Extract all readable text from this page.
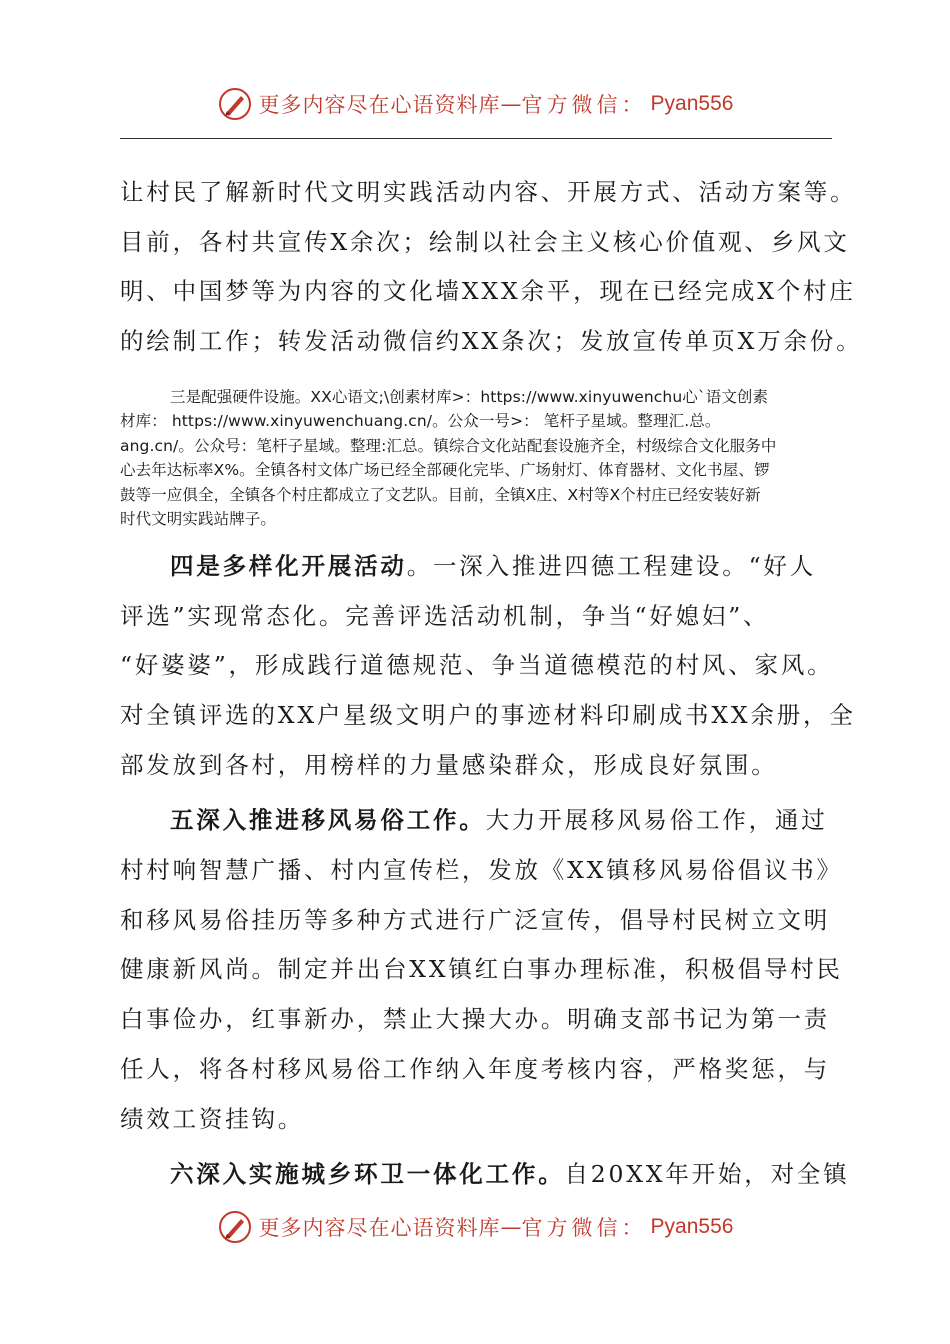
更多内容尽在心语资料库 — 官方微信： Pyan556

让村民了解新时代文明实践活动内容、开展方式、活动方案等。
目前，各村共宣传X余次；绘制以社会主义核心价值观、乡风文
明、中国梦等为内容的文化墙XXX余平，现在已经完成X个村庄
的绘制工作；转发活动微信约XX条次；发放宣传单页X万余份。

三是配强硬件设施。XX心语文;\创素材库>：https://www.xinyuwenchu心`语文创素
材库： https://www.xinyuwenchuang.cn/。公众一号>： 笔杆子星域。整理汇.总。
ang.cn/。公众号：笔杆子星域。整理:汇总。镇综合文化站配套设施齐全，村级综合文化服务中
心去年达标率X%。全镇各村文体广场已经全部硬化完毕、广场射灯、体育器材、文化书屋、锣
鼓等一应俱全，全镇各个村庄都成立了文艺队。目前，全镇X庄、X村等X个村庄已经安装好新
时代文明实践站牌子。

四是多样化开展活动。一深入推进四德工程建设。“好人
评选”实现常态化。完善评选活动机制，争当“好媳妇”、
“好婆婆”，形成践行道德规范、争当道德模范的村风、家风。
对全镇评选的XX户星级文明户的事迹材料印刷成书XX余册，全
部发放到各村，用榜样的力量感染群众，形成良好氛围。

五深入推进移风易俗工作。大力开展移风易俗工作，通过
村村响智慧广播、村内宣传栏，发放《XX镇移风易俗倡议书》
和移风易俗挂历等多种方式进行广泛宣传，倡导村民树立文明
健康新风尚。制定并出台XX镇红白事办理标准，积极倡导村民
白事俭办，红事新办，禁止大操大办。明确支部书记为第一责
任人，将各村移风易俗工作纳入年度考核内容，严格奖惩，与
绩效工资挂钩。

六深入实施城乡环卫一体化工作。自20XX年开始，对全镇

更多内容尽在心语资料库 — 官方微信： Pyan556
